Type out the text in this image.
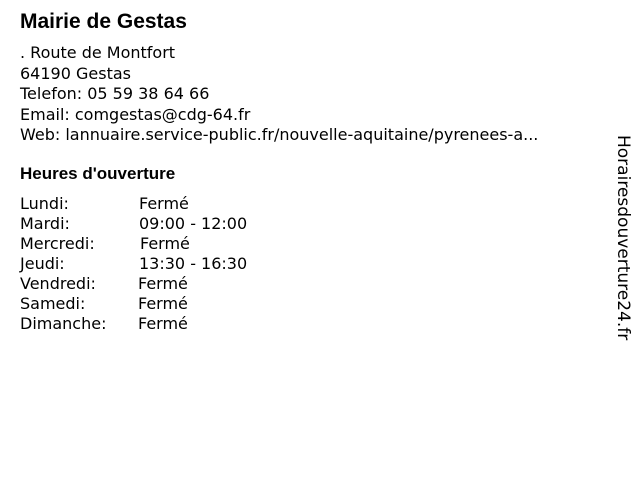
Mairie de Gestas
. Route de Montfort
64190 Gestas
Telefon: 05 59 38 64 66
Email: comgestas@cdg-64.fr
Web: lannuaire.service-public.fr/nouvelle-aquitaine/pyrenees-a...
Heures d'ouverture
Lundi:	Fermé
Mardi:	09:00 - 12:00
Mercredi:	Fermé
Jeudi:	13:30 - 16:30
Vendredi:	Fermé
Samedi:	Fermé
Dimanche: Fermé	Horairesdouverture24.fr
